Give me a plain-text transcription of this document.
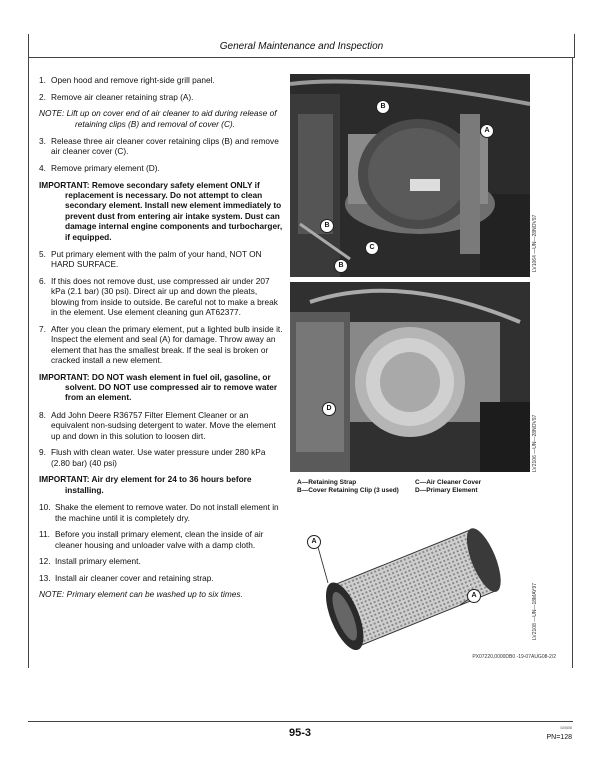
General Maintenance and Inspection
1. Open hood and remove right-side grill panel.
2. Remove air cleaner retaining strap (A).
NOTE: Lift up on cover end of air cleaner to aid during release of retaining clips (B) and removal of cover (C).
3. Release three air cleaner cover retaining clips (B) and remove air cleaner cover (C).
4. Remove primary element (D).
IMPORTANT: Remove secondary safety element ONLY if replacement is necessary. Do not attempt to clean secondary element. Install new element immediately to prevent dust from entering air intake system. Dust can damage internal engine components and turbocharger, if equipped.
5. Put primary element with the palm of your hand, NOT ON HARD SURFACE.
6. If this does not remove dust, use compressed air under 207 kPa (2.1 bar) (30 psi). Direct air up and down the pleats, blowing from inside to outside. Be careful not to make a break in the element. Use element cleaning gun AT62377.
7. After you clean the primary element, put a lighted bulb inside it. Inspect the element and seal (A) for damage. Throw away an element that has the smallest break. If the seal is broken or cracked install a new element.
IMPORTANT: DO NOT wash element in fuel oil, gasoline, or solvent. DO NOT use compressed air to remove water from an element.
8. Add John Deere R36757 Filter Element Cleaner or an equivalent non-sudsing detergent to water. Move the element up and down in this solution to loosen dirt.
9. Flush with clean water. Use water pressure under 280 kPa (2.80 bar) (40 psi)
IMPORTANT: Air dry element for 24 to 36 hours before installing.
10. Shake the element to remove water. Do not install element in the machine until it is completely dry.
11. Before you install primary element, clean the inside of air cleaner housing and unloader valve with a damp cloth.
12. Install primary element.
13. Install air cleaner cover and retaining strap.
NOTE: Primary element can be washed up to six times.
B
A
B
C
B	LV1064 —UN—28NOV97
D
LV2106 —UN—28NOV97
A—Retaining Strap
B—Cover Retaining Clip (3 used)
C—Air Cleaner Cover
D—Primary Element
A
A	LV2108 —UN—18MAY97
PX07220,0000DB0 -19-07AUG08-2/2
95-3	020608
PN=128
